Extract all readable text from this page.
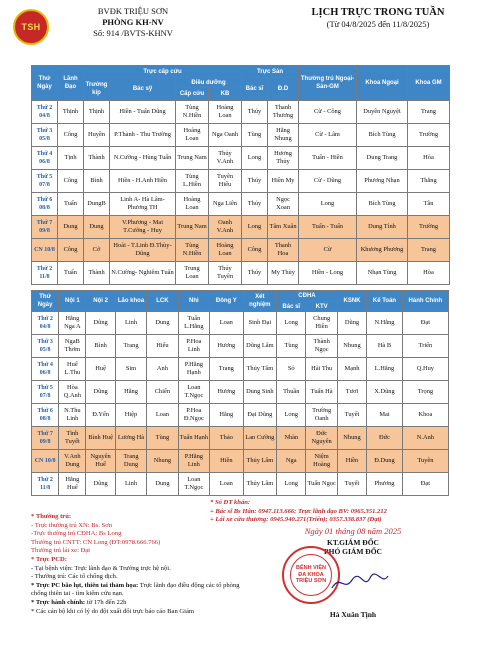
TSH
BVĐK TRIỆU SƠN
PHÒNG KH-NV
Số: 914 /BVTS-KHNV
LỊCH TRỰC TRONG TUẦN
(Từ 04/8/2025 đến 11/8/2025)
Thứ Ngày	Lãnh Đạo	Trực cấp cứu				Trực Sản		Thường trú Ngoại-Sản-GM	Khoa Ngoại	Khoa GM
		Trưởng kíp	Bác sỹ	Điều dưỡng		Bác sĩ	Đ.D			
				Cấp cứu	KB					
Thứ 2 04/8	Thịnh	Thịnh	Hiền - Tuấn Dũng	Tùng N.Hiền	Hoàng Loan	Thúy	Thanh Thương	Cừ - Công	Duyên Nguyệt	Trang
Thứ 3 05/8	Công	Huyền	P.Thành - Thu Trường	Hoàng Loan	Nga Oanh	Tùng	Hằng Nhung	Cừ - Lâm	Bích Tùng	Trường
Thứ 4 06/8	Tịnh	Thành	N.Cường - Hùng Tuấn	Trung Nam	Thủy V.Anh	Long	Hương Thủy	Tuấn - Hiền	Dung Trang	Hòa
Thứ 5 07/8	Công	Bình	Hiền - H.Anh Hiền	Tùng L.Hiền	Tuyên Hiếu	Thúy	Hiền My	Cừ - Dũng	Phương Nhạn	Thắng
Thứ 6 08/8	Tuấn	DungB	Linh A- Hà Lâm-Phương TH	Hoàng Loan	Nga Liên	Thủy	Ngọc Xoan	Long	Bích Tùng	Tân
Thứ 7 09/8	Dung	Dung	V.Phương - Mai T.Cường - Huy	Trung Nam	Oanh V.Anh	Long	Tâm Xuân	Tuấn - Tuấn	Dung Tình	Trường
CN 10/8	Công	Cờ	Hoài - T.Linh Đ.Thùy-Dũng	Tùng N.Hiền	Hoàng Loan	Công	Thanh Hoa	Cừ	Khương Phương	Trang
Thứ 2 11/8	Tuấn	Thành	N.Cường- Nghiêm Tuấn	Trung Loan	Thủy Tuyên	Thúy	My Thùy	Hiền - Long	Nhạn Tùng	Hòa
Thứ Ngày	Nội 1	Nội 2	Lão khoa	LCK	Nhi	Đông Y	Xét nghiệm	CĐHA		KSNK	Kế Toán	Hành Chính
								Bác sĩ	KTV			
Thứ 2 04/8	Hằng Nga A	Dũng	Linh	Dung	Tuấn L.Hằng	Loan	Sinh Đại	Long	Chung Hiền	Dũng	N.Hằng	Đạt
Thứ 3 05/8	NgaB Thơm	Bình	Trang	Hiếu	P.Hoa Linh	Hương	Dũng Lâm	Tùng	Thành Ngọc	Nhung	Hà B	Triển
Thứ 4 06/8	Huế L.Thu	Huệ	Sim	Anh	P.Hằng Hạnh	Trang	Thủy Tâm	Sỏ	Hải Thu	Mạnh	L.Hằng	Q.Huy
Thứ 5 07/8	Hòa Q.Anh	Dũng	Hằng	Chiến	Loan T.Ngọc	Hương	Dung Sinh	Thuần	Tuấn Hà	Tươi	X.Dũng	Trọng
Thứ 6 08/8	N.Thu Linh	Đ.Yến	Hiệp	Loan	P.Hoa Đ.Ngọc	Hằng	Đại Dũng	Long	Trường Oanh	Tuyết	Mai	Khoa
Thứ 7 09/8	Tình Tuyết	Bình Huệ	Lương Hà	Tùng	Tuấn Hạnh	Thảo	Lan Cường	Nhàn	Đức Nguyên	Nhung	Đức	N.Anh
CN 10/8	V.Anh Dung	Nguyên Huế	Trang Dung	Nhung	P.Hằng Linh	Hiền	Thủy Lâm	Nga	Niệm Hoàng	Hiền	Đ.Dung	Tuyên
Thứ 2 11/8	Hằng Huế	Dũng	Linh	Dung	Loan T.Ngọc	Loan	Thủy Lâm	Long	Tuấn Ngọc	Tuyết	Phương	Đạt
* Thường trú:
- Trực thường trú XN: Bs. Sơn
-Trực thường trú CĐHA: Bs Long
Thường trú CNTT: CN Long (ĐT:0978.666.766)
Thường trú lái xe: Đạt
* Trực PCD:
- Tại bệnh viện: Trực lãnh đạo & Trưởng trực hệ nội.
- Thường trú: Các tổ chống dịch.
* Trực PC bão lụt, thiên tai thảm họa: Trực lãnh đạo điều động các tổ phòng chống thiên tai - tìm kiếm cứu nạn.
* Trực hành chính: từ 17h đến 22h
* Các cán bộ khi có lý do đột xuất đổi trực báo cáo Ban Giám
* Số ĐT khẩn:
+ Bác sĩ Bs Hân: 0947.113.666; Trực lãnh đạo BV: 0965.351.212
+ Lái xe cứu thương: 0945.940.271(Triển); 0357.338.837 (Đạt)
Ngày 01 tháng 08 năm 2025
KT.GIÁM ĐỐC
PHÓ GIÁM ĐỐC
BỆNH VIỆN
ĐA KHOA
TRIỆU SƠN
Hà Xuân Tịnh
